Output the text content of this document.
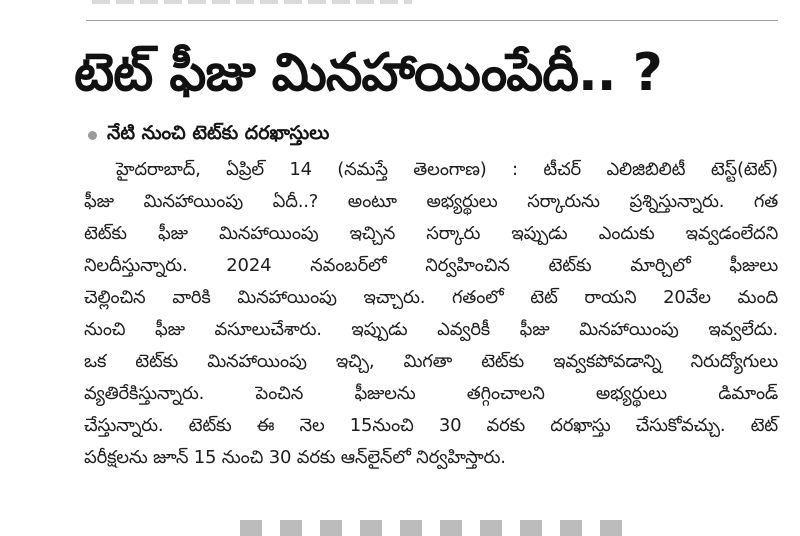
టెట్‌ ఫీజు మినహాయింపేదీ.. ?
నేటి నుంచి టెట్‌కు దరఖాస్తులు
హైదరాబాద్‌, ఏప్రిల్‌ 14 (నమస్తే తెలంగాణ) : టీచర్‌ ఎలిజిబిలిటీ టెస్ట్‌(టెట్‌)
ఫీజు మినహాయింపు ఏదీ..? అంటూ అభ్యర్థులు సర్కారును ప్రశ్నిస్తున్నారు. గత
టెట్‌కు ఫీజు మినహాయింపు ఇచ్చిన సర్కారు ఇప్పుడు ఎందుకు ఇవ్వడంలేదని
నిలదీస్తున్నారు. 2024 నవంబర్‌లో నిర్వహించిన టెట్‌కు మార్చిలో ఫీజులు
చెల్లించిన వారికి మినహాయింపు ఇచ్చారు. గతంలో టెట్‌ రాయని 20వేల మంది
నుంచి ఫీజు వసూలుచేశారు. ఇప్పుడు ఎవ్వరికీ ఫీజు మినహాయింపు ఇవ్వలేదు.
ఒక టెట్‌కు మినహాయింపు ఇచ్చి, మిగతా టెట్‌కు ఇవ్వకపోవడాన్ని నిరుద్యోగులు
వ్యతిరేకిస్తున్నారు. పెంచిన ఫీజులను తగ్గించాలని అభ్యర్థులు డిమాండ్‌
చేస్తున్నారు. టెట్‌కు ఈ నెల 15నుంచి 30 వరకు దరఖాస్తు చేసుకోవచ్చు. టెట్‌
పరీక్షలను జూన్‌ 15 నుంచి 30 వరకు ఆన్‌లైన్‌లో నిర్వహిస్తారు.
